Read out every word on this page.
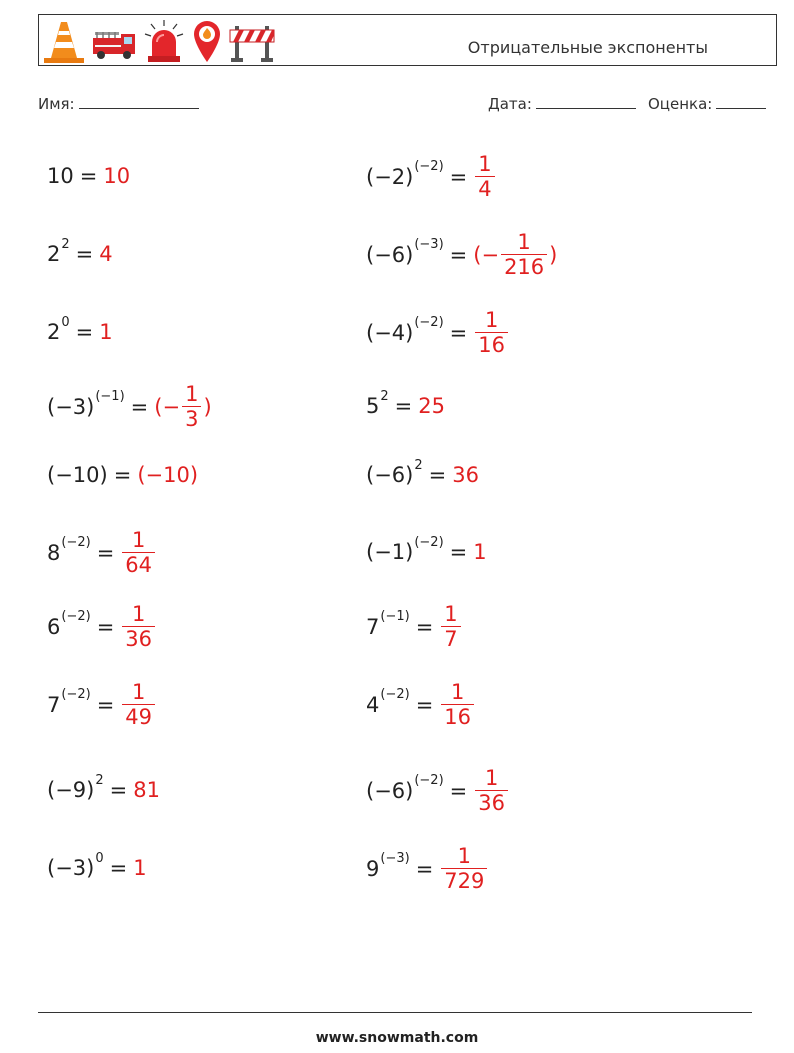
Отрицательные экспоненты
Имя:	Дата:	Оценка:
10 = 10
$2^2 = 4$
$2^0 = 1$
$(-3)^{(-1)}$ = (− $\frac{1}{3}$ )
(−10) = (−10)
$8^{(-2)} = \frac{1}{64}$
$6^{(-2)} = \frac{1}{36}$
$7^{(-2)} = \frac{1}{49}$
$(-9)^2 = 81$
$(-3)^0 = 1$
$(-2)^{(-2)} = \frac{1}{4}$
$(-6)^{(-3)}$ = (− $\frac{1}{216}$ )
$(-4)^{(-2)} = \frac{1}{16}$
$5^2 = 25$
$(-6)^2 = 36$
$(-1)^{(-2)} = 1$
$7^{(-1)} = \frac{1}{7}$
$4^{(-2)} = \frac{1}{16}$
$(-6)^{(-2)} = \frac{1}{36}$
$9^{(-3)} = \frac{1}{729}$
www.snowmath.com
